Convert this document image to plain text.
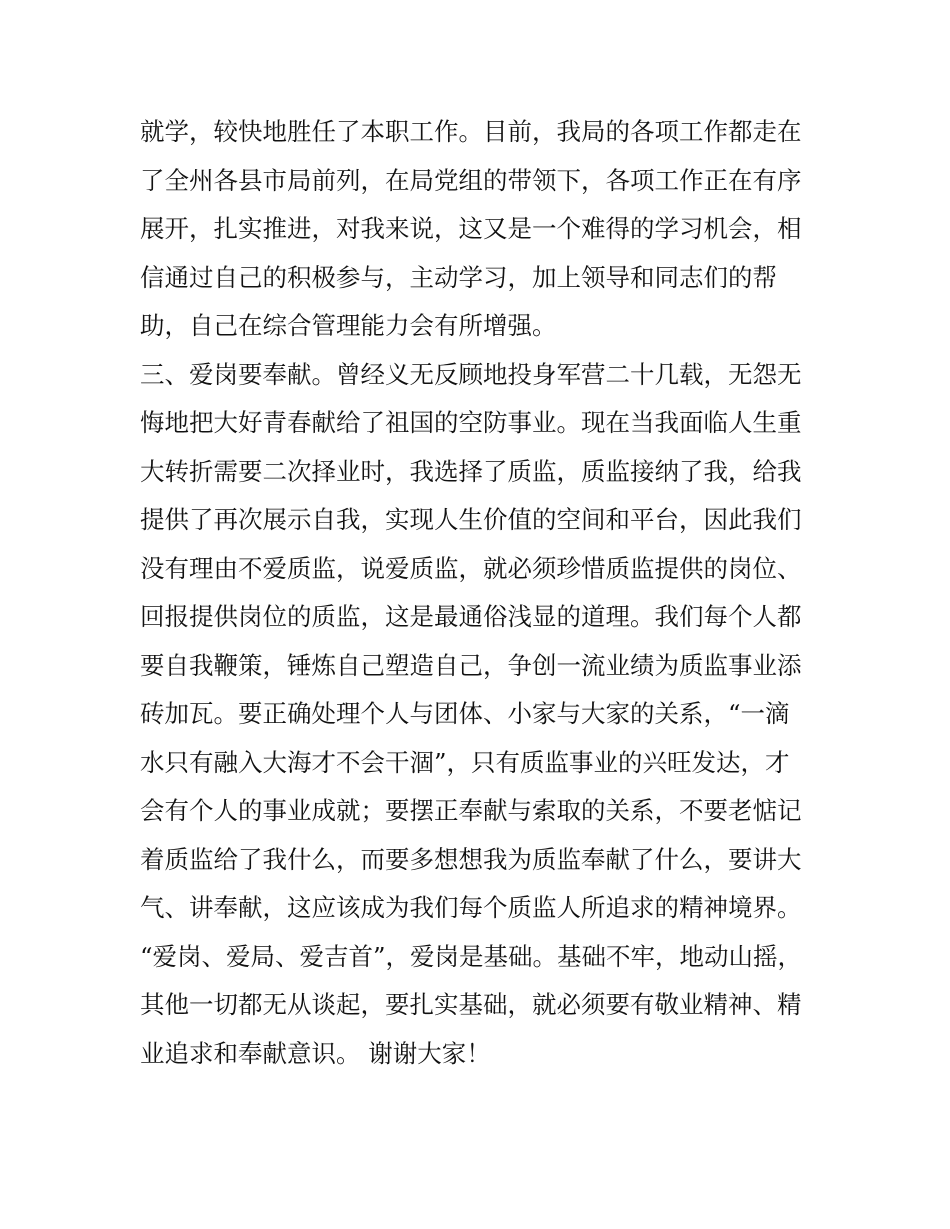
就学，较快地胜任了本职工作。目前，我局的各项工作都走在
了全州各县市局前列，在局党组的带领下，各项工作正在有序
展开，扎实推进，对我来说，这又是一个难得的学习机会，相
信通过自己的积极参与，主动学习，加上领导和同志们的帮
助，自己在综合管理能力会有所增强。
三、爱岗要奉献。曾经义无反顾地投身军营二十几载，无怨无
悔地把大好青春献给了祖国的空防事业。现在当我面临人生重
大转折需要二次择业时，我选择了质监，质监接纳了我，给我
提供了再次展示自我，实现人生价值的空间和平台，因此我们
没有理由不爱质监，说爱质监，就必须珍惜质监提供的岗位、
回报提供岗位的质监，这是最通俗浅显的道理。我们每个人都
要自我鞭策，锤炼自己塑造自己，争创一流业绩为质监事业添
砖加瓦。要正确处理个人与团体、小家与大家的关系，“一滴
水只有融入大海才不会干涸”，只有质监事业的兴旺发达，才
会有个人的事业成就；要摆正奉献与索取的关系，不要老惦记
着质监给了我什么，而要多想想我为质监奉献了什么，要讲大
气、讲奉献，这应该成为我们每个质监人所追求的精神境界。
“爱岗、爱局、爱吉首”，爱岗是基础。基础不牢，地动山摇，
其他一切都无从谈起，要扎实基础，就必须要有敬业精神、精
业追求和奉献意识。 谢谢大家！
